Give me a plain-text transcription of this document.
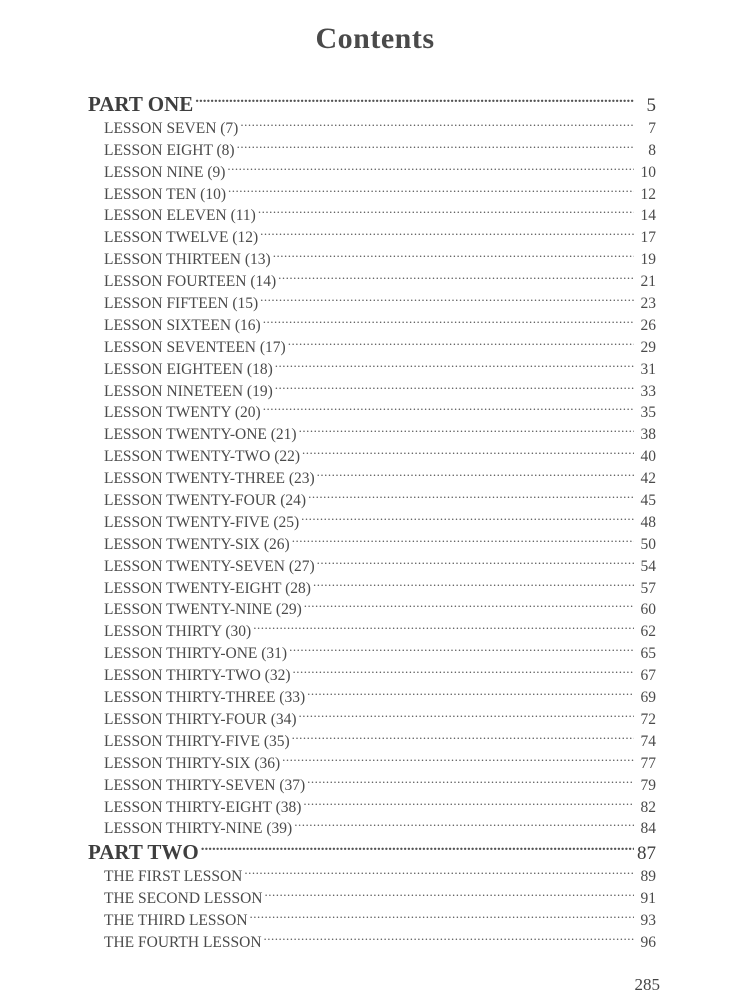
Contents
PART ONE .....	5
LESSON SEVEN (7) .....	7
LESSON EIGHT (8) .....	8
LESSON NINE (9) .....	10
LESSON TEN (10) .....	12
LESSON ELEVEN (11) .....	14
LESSON TWELVE (12) .....	17
LESSON THIRTEEN (13) .....	19
LESSON FOURTEEN (14) .....	21
LESSON FIFTEEN (15) .....	23
LESSON SIXTEEN (16) .....	26
LESSON SEVENTEEN (17) .....	29
LESSON EIGHTEEN (18) .....	31
LESSON NINETEEN (19) .....	33
LESSON TWENTY (20) .....	35
LESSON TWENTY-ONE (21) .....	38
LESSON TWENTY-TWO (22) .....	40
LESSON TWENTY-THREE (23) .....	42
LESSON TWENTY-FOUR (24) .....	45
LESSON TWENTY-FIVE (25) .....	48
LESSON TWENTY-SIX (26) .....	50
LESSON TWENTY-SEVEN (27) .....	54
LESSON TWENTY-EIGHT (28) .....	57
LESSON TWENTY-NINE (29) .....	60
LESSON THIRTY (30) .....	62
LESSON THIRTY-ONE (31) .....	65
LESSON THIRTY-TWO (32) .....	67
LESSON THIRTY-THREE (33) .....	69
LESSON THIRTY-FOUR (34) .....	72
LESSON THIRTY-FIVE (35) .....	74
LESSON THIRTY-SIX (36) .....	77
LESSON THIRTY-SEVEN (37) .....	79
LESSON THIRTY-EIGHT (38) .....	82
LESSON THIRTY-NINE (39) .....	84
PART TWO .....	87
THE FIRST LESSON .....	89
THE SECOND LESSON .....	91
THE THIRD LESSON .....	93
THE FOURTH LESSON .....	96
285
